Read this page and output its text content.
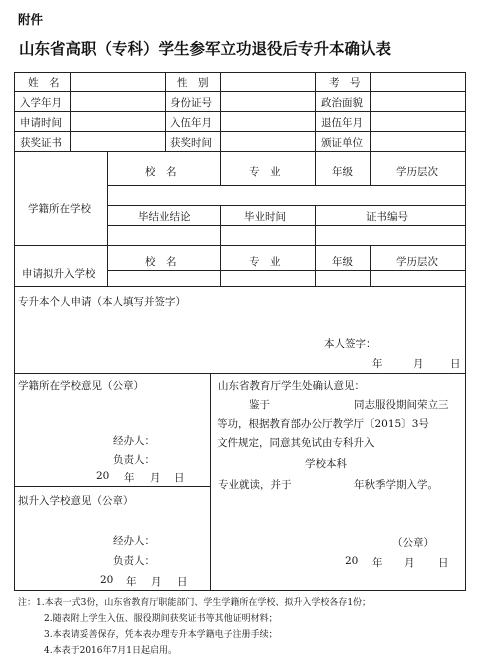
附件
山东省高职（专科）学生参军立功退役后专升本确认表
姓　名	性　别	考　号
入学年月	身份证号	政治面貌
申请时间	入伍年月	退伍年月
获奖证书	获奖时间	颁证单位
学籍所在学校
校　名	专　业	年级	学历层次
毕结业结论	毕业时间	证书编号
申请拟升入学校
校　名	专　业	年级	学历层次
专升本个人申请（本人填写并签字）
本人签字：
年	月	日
学籍所在学校意见（公章）
经办人：
负责人：
20 年 月 日
山东省教育厅学生处确认意见：
鉴于	同志服役期间荣立三
等功，根据教育部办公厅教学厅〔2015〕3号
文件规定，同意其免试由专科升入
学校本科
专业就读，并于	年秋季学期入学。
（公章）
20 年 月 日
拟升入学校意见（公章）
经办人：
负责人：
20 年 月 日
注：1.本表一式3份，山东省教育厅职能部门、学生学籍所在学校、拟升入学校各存1份；
2.随表附上学生入伍、服役期间获奖证书等其他证明材料；
3.本表请妥善保存，凭本表办理专升本学籍电子注册手续；
4.本表于2016年7月1日起启用。
